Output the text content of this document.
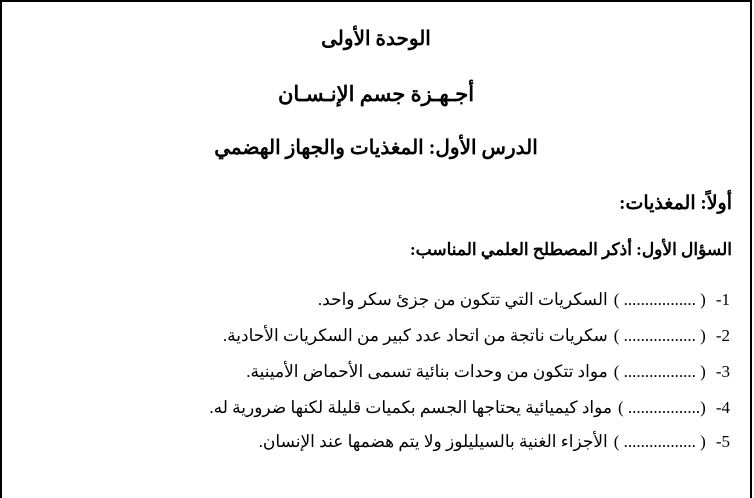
الوحدة الأولى
أجـهـزة جسم الإنـسـان
الدرس الأول: المغذيات والجهاز الهضمي
أولاً: المغذيات:
السؤال الأول: أذكر المصطلح العلمي المناسب:
1-( ................. )السكريات التي تتكون من جزئ سكر واحد.
2-( ................. )سكريات ناتجة من اتحاد عدد كبير من السكريات الأحادية.
3-( ................. )مواد تتكون من وحدات بنائية تسمى الأحماض الأمينية.
4-(................. )مواد كيميائية يحتاجها الجسم بكميات قليلة لكنها ضرورية له.
5-( ................. )الأجزاء الغنية بالسيليلوز ولا يتم هضمها عند الإنسان.
